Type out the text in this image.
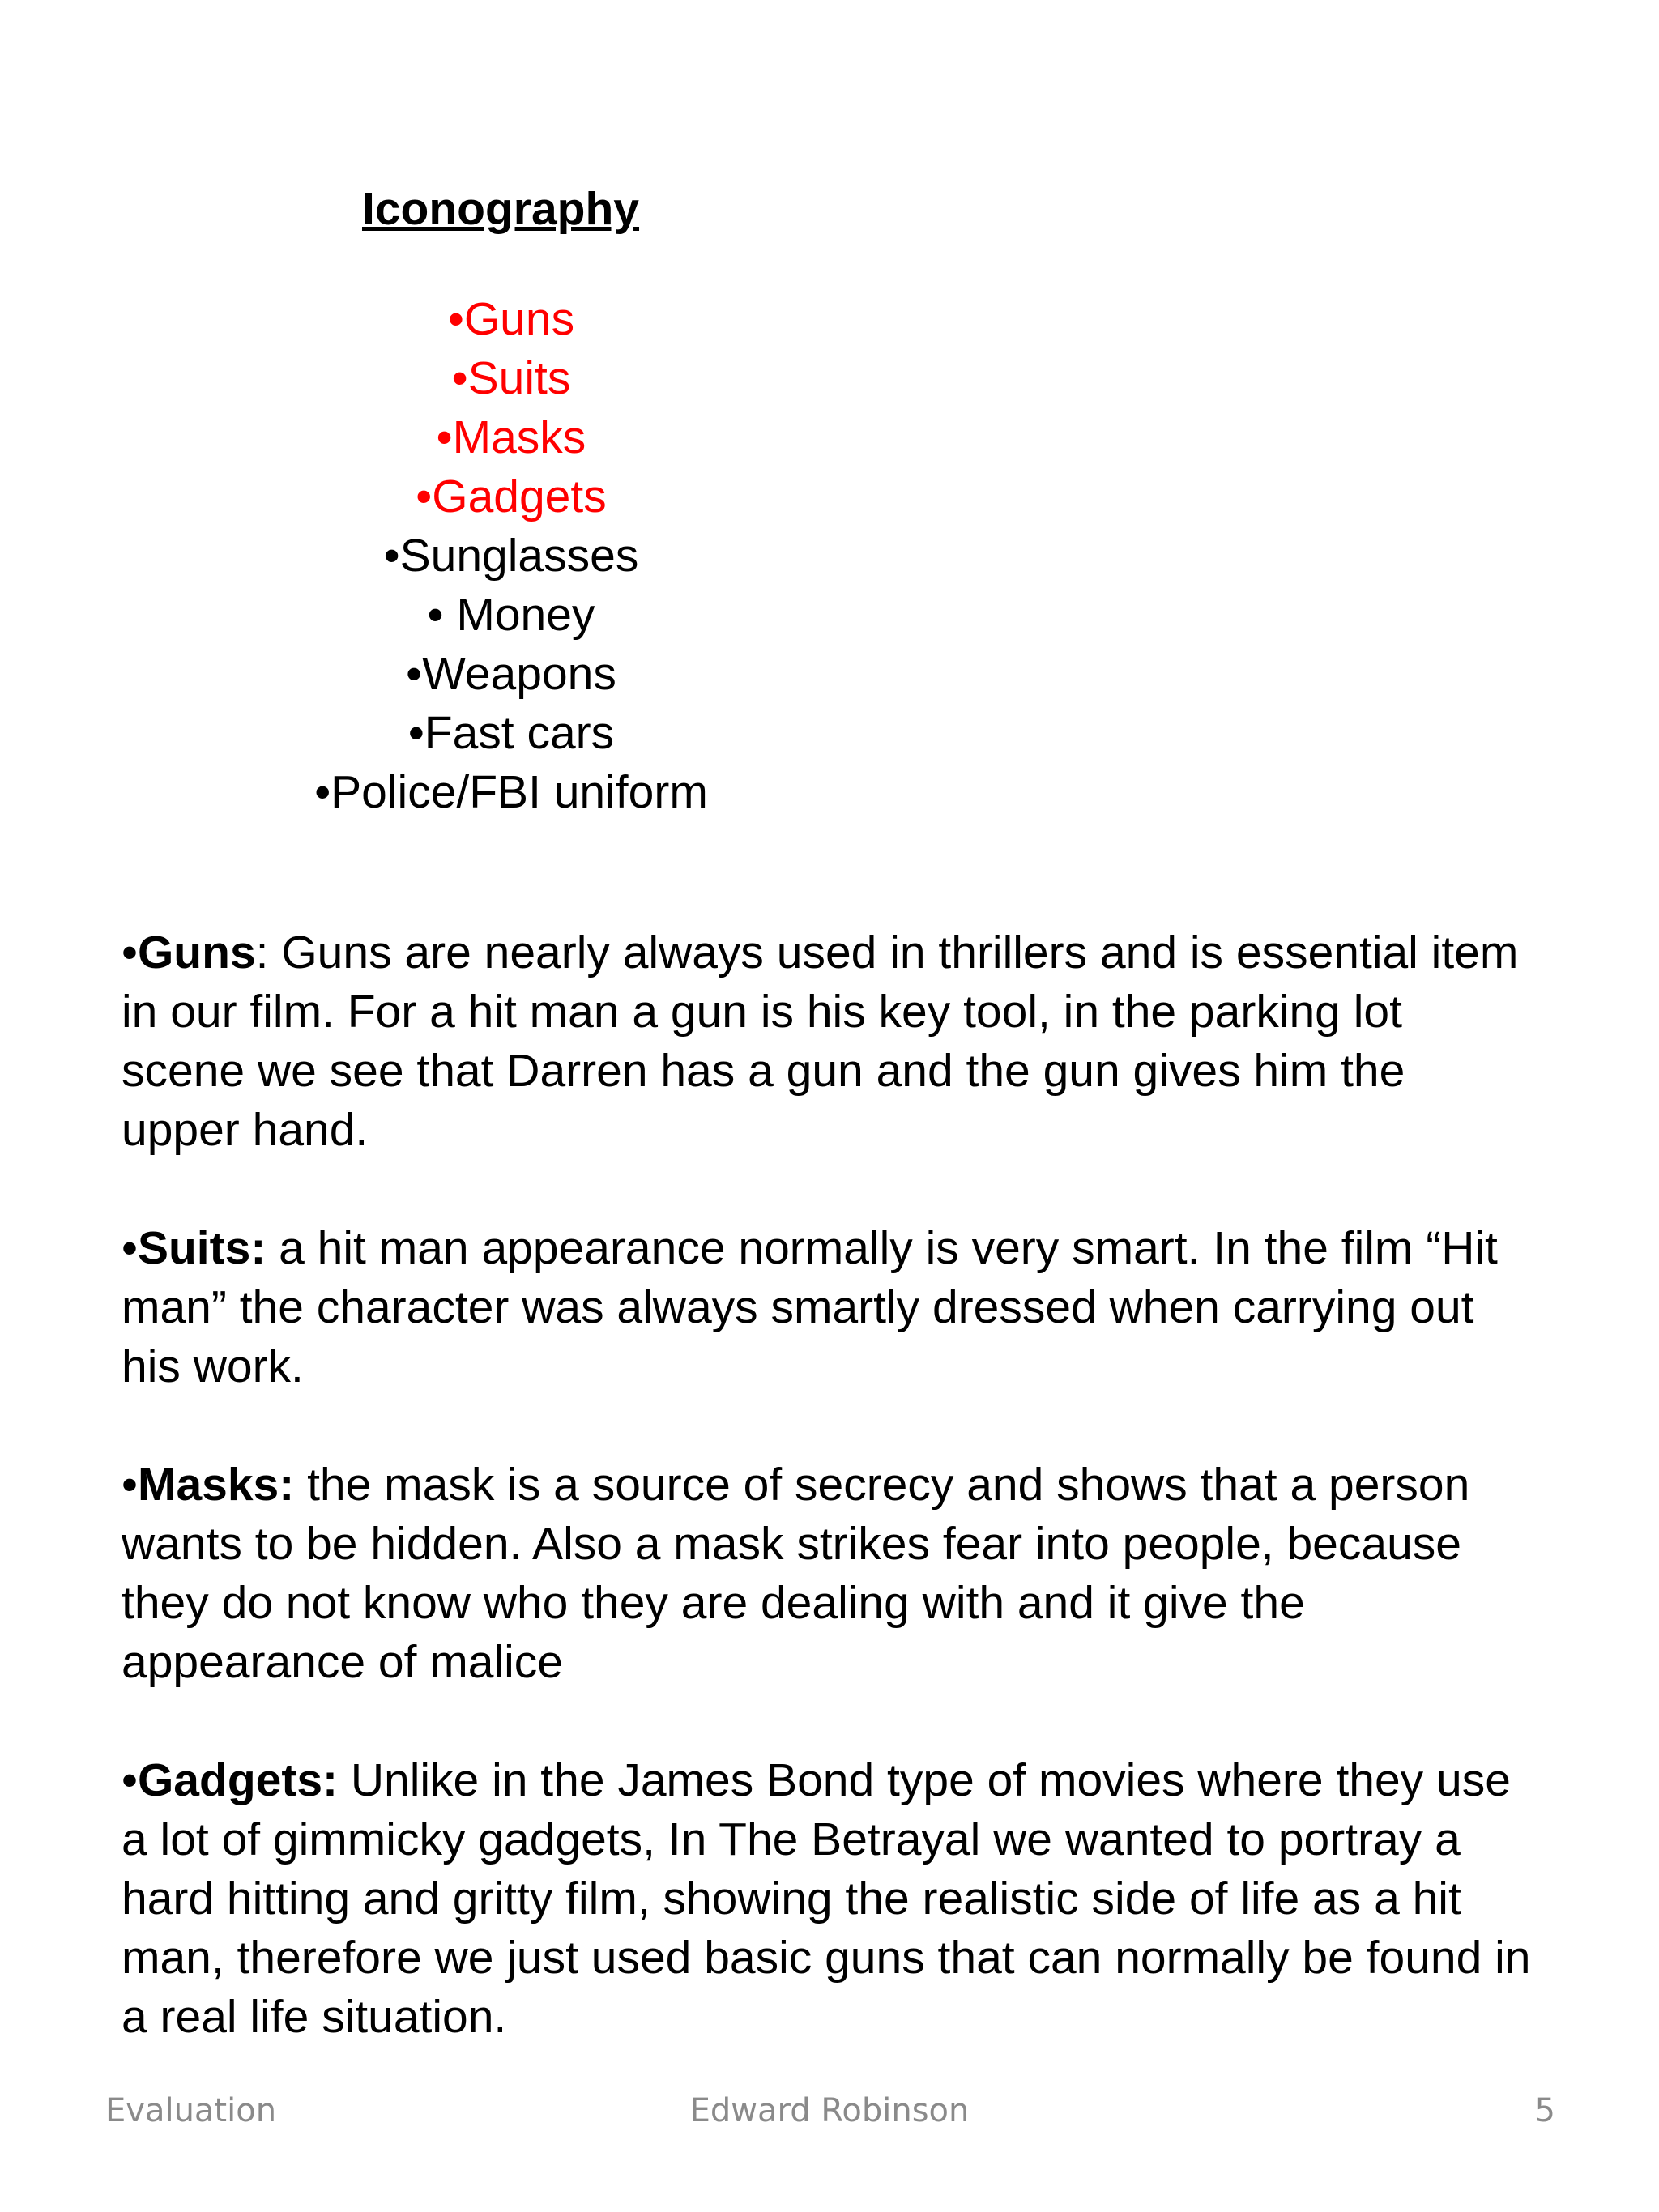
Iconography
•Guns
•Suits
•Masks
•Gadgets
•Sunglasses
• Money
•Weapons
•Fast cars
•Police/FBI uniform

•Guns: Guns are nearly always used in thrillers and is essential item in our film. For a hit man a gun is his key tool, in the parking lot scene we see that Darren has a gun and the gun gives him the upper hand.

•Suits: a hit man appearance normally is very smart. In the film “Hit man” the character was always smartly dressed when carrying out his work.

•Masks: the mask is a source of secrecy and shows that a person wants to be hidden. Also a mask strikes fear into people, because they do not know who they are dealing with and it give the appearance of malice

•Gadgets: Unlike in the James Bond type of movies where they use a lot of gimmicky gadgets, In The Betrayal we wanted to portray a hard hitting and gritty film, showing the realistic side of life as a hit man, therefore we just used basic guns that can normally be found in a real life situation.

Evaluation	Edward Robinson	5
